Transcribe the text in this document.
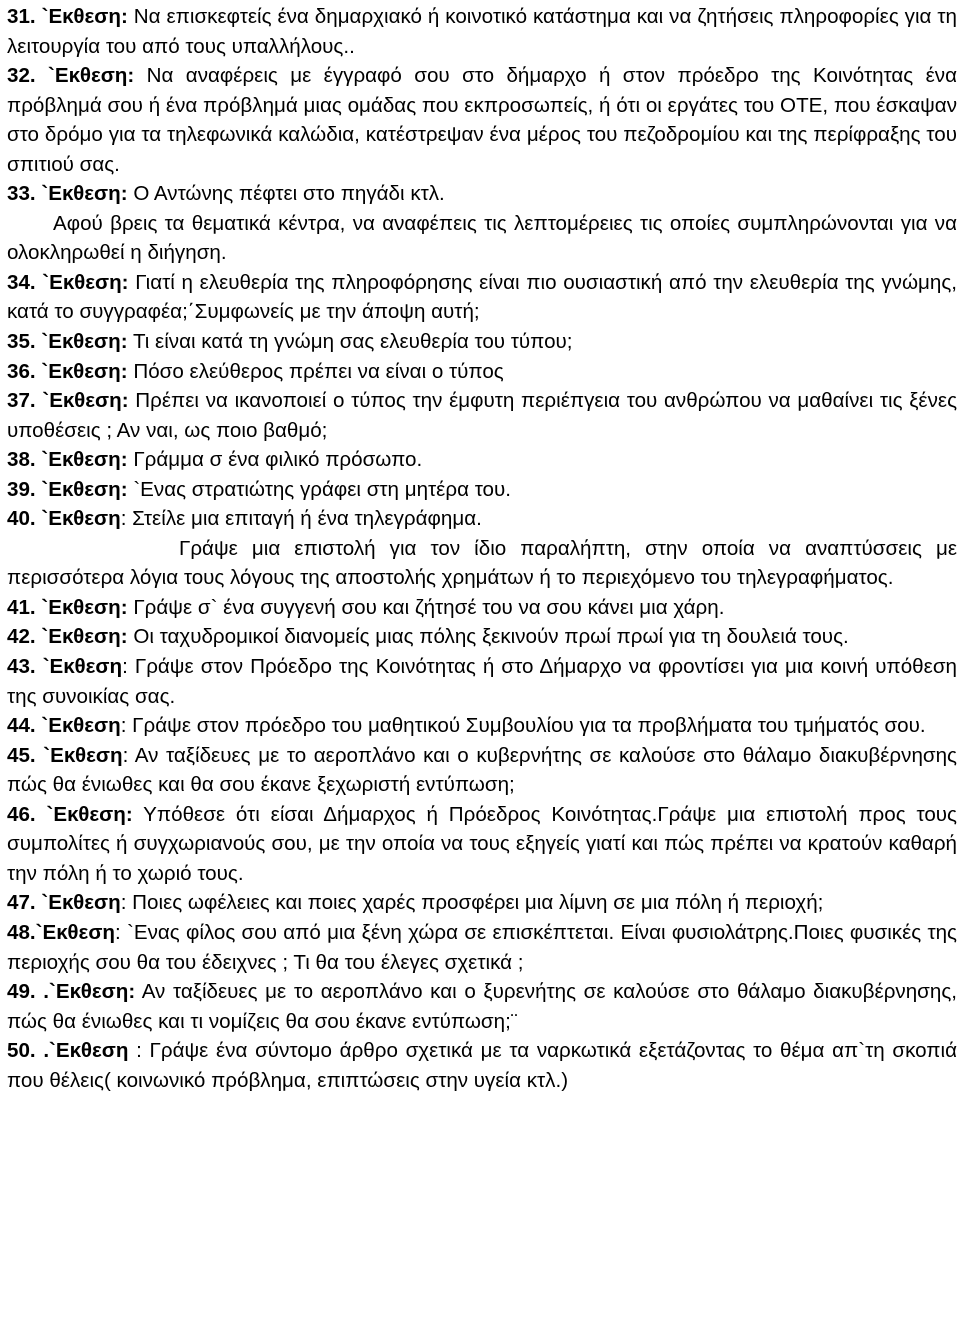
31. `Εκθεση: Να επισκεφτείς ένα δημαρχιακό ή κοινοτικό κατάστημα και να ζητήσεις πληροφορίες για τη λειτουργία του από τους υπαλλήλους..

32. `Εκθεση: Να αναφέρεις με έγγραφό σου στο δήμαρχο ή στον πρόεδρο της Κοινότητας ένα πρόβλημά σου ή ένα πρόβλημά μιας ομάδας που εκπροσωπείς, ή ότι οι εργάτες του ΟΤΕ, που έσκαψαν στο δρόμο για τα τηλεφωνικά καλώδια, κατέστρεψαν ένα μέρος του πεζοδρομίου και της περίφραξης του σπιτιού σας.

33. `Εκθεση: Ο Αντώνης πέφτει στο πηγάδι κτλ.

Αφού βρεις τα θεματικά κέντρα, να αναφέπεις τις λεπτομέρειες τις οποίες συμπληρώνονται για να ολοκληρωθεί η διήγηση.

34. `Εκθεση: Γιατί η ελευθερία της πληροφόρησης είναι πιο ουσιαστική από την ελευθερία της γνώμης, κατά το συγγραφέα;΄Συμφωνείς με την άποψη αυτή;

35. `Εκθεση: Τι είναι κατά τη γνώμη σας ελευθερία του τύπου;

36. `Εκθεση: Πόσο ελεύθερος πρέπει να είναι ο τύπος

37. `Εκθεση: Πρέπει να ικανοποιεί ο τύπος την έμφυτη περιέπγεια του ανθρώπου να μαθαίνει τις ξένες υποθέσεις ; Αν ναι, ως ποιο βαθμό;

38. `Εκθεση: Γράμμα σ ένα φιλικό πρόσωπο.

39. `Εκθεση: `Ενας στρατιώτης γράφει στη μητέρα του.

40. `Εκθεση: Στείλε μια επιταγή ή ένα τηλεγράφημα.

Γράψε μια επιστολή για τον ίδιο παραλήπτη, στην οποία να αναπτύσσεις με περισσότερα λόγια τους λόγους της αποστολής χρημάτων ή το περιεχόμενο του τηλεγραφήματος.

41. `Εκθεση: Γράψε σ` ένα συγγενή σου και ζήτησέ του να σου κάνει μια χάρη.

42. `Εκθεση: Οι ταχυδρομικοί διανομείς μιας πόλης ξεκινούν πρωί πρωί για τη δουλειά τους.

43. `Εκθεση: Γράψε στον Πρόεδρο της Κοινότητας ή στο Δήμαρχο να φροντίσει για μια κοινή υπόθεση της συνοικίας σας.

44. `Εκθεση: Γράψε στον πρόεδρο του μαθητικού Συμβουλίου για τα προβλήματα του τμήματός σου.

45. `Εκθεση: Αν ταξίδευες με το αεροπλάνο και ο κυβερνήτης σε καλούσε στο θάλαμο διακυβέρνησης πώς θα ένιωθες και θα σου έκανε ξεχωριστή εντύπωση;

46. `Εκθεση: Υπόθεσε ότι είσαι Δήμαρχος ή Πρόεδρος Κοινότητας.Γράψε μια επιστολή προς τους συμπολίτες ή συγχωριανούς σου, με την οποία να τους εξηγείς γιατί και πώς πρέπει να κρατούν καθαρή την πόλη ή το χωριό τους.

47. `Εκθεση: Ποιες ωφέλειες και ποιες χαρές προσφέρει μια λίμνη σε μια πόλη ή περιοχή;

48.`Εκθεση: `Ενας φίλος σου από μια ξένη χώρα σε επισκέπτεται. Είναι φυσιολάτρης.Ποιες φυσικές της περιοχής σου θα του έδειχνες ; Τι θα του έλεγες σχετικά ;

49. .`Εκθεση: Αν ταξίδευες με το αεροπλάνο και ο ξυρενήτης σε καλούσε στο θάλαμο διακυβέρνησης, πώς θα ένιωθες και τι νομίζεις θα σου έκανε εντύπωση;¨

50. .`Εκθεση : Γράψε ένα σύντομο άρθρο σχετικά με τα ναρκωτικά εξετάζοντας το θέμα απ`τη σκοπιά που θέλεις( κοινωνικό πρόβλημα, επιπτώσεις στην υγεία κτλ.)
